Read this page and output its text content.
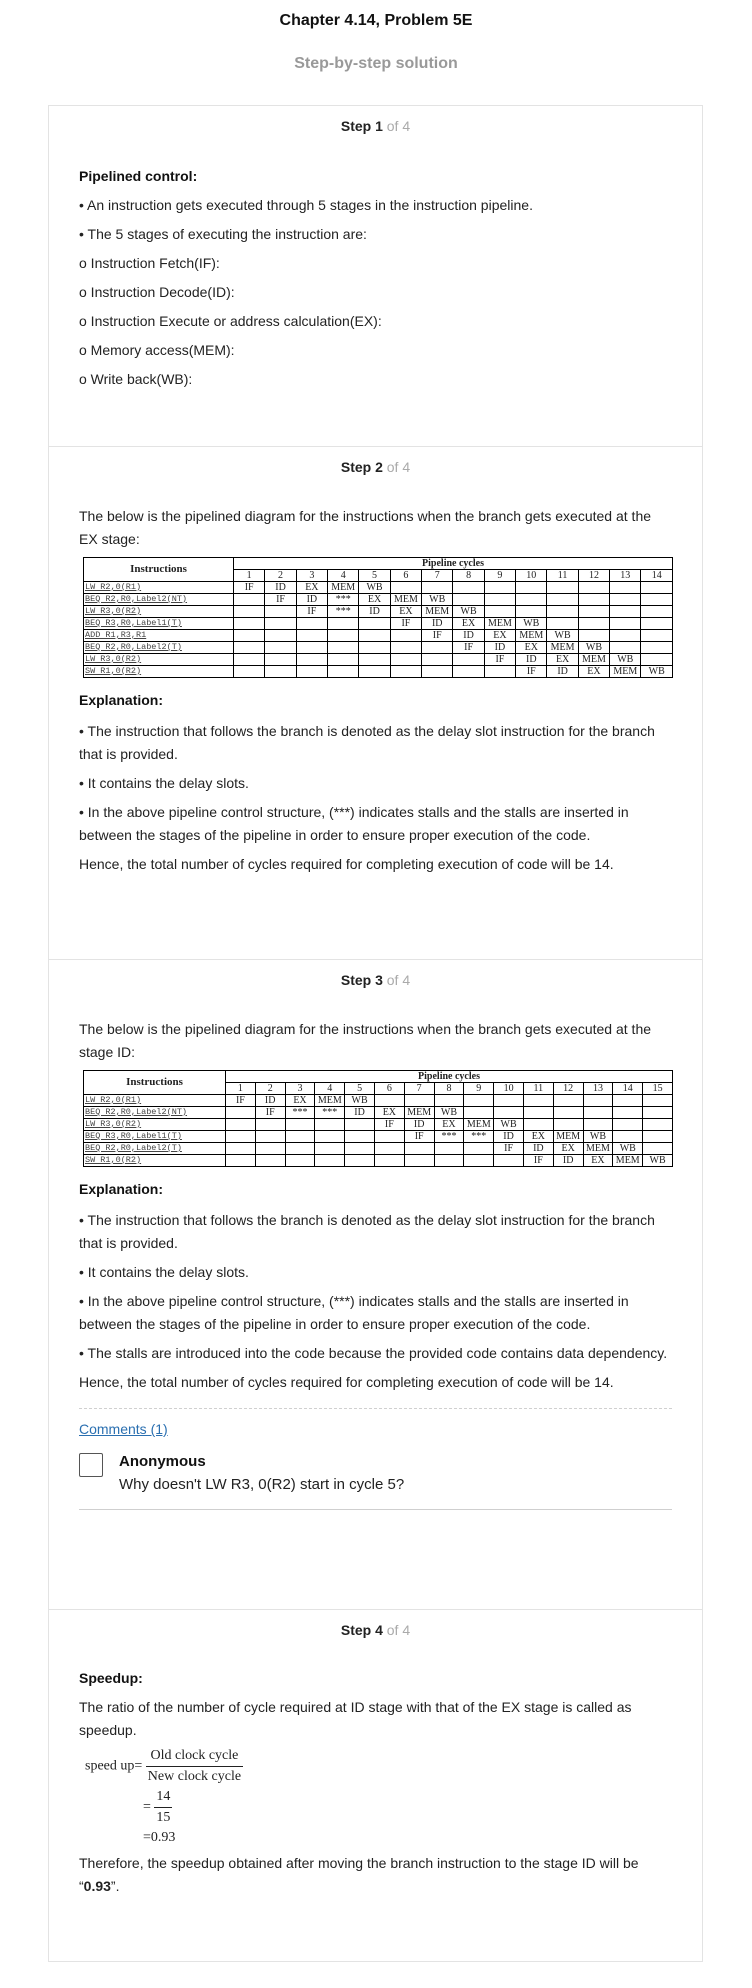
Chapter 4.14, Problem 5E
Step-by-step solution
Step 1 of 4
Pipelined control:
• An instruction gets executed through 5 stages in the instruction pipeline.
• The 5 stages of executing the instruction are:
o Instruction Fetch(IF):
o Instruction Decode(ID):
o Instruction Execute or address calculation(EX):
o Memory access(MEM):
o Write back(WB):
Step 2 of 4
The below is the pipelined diagram for the instructions when the branch gets executed at the EX stage:
Instructions	Pipeline cycles													
	1	2	3	4	5	6	7	8	9	10	11	12	13	14
LW R2,0(R1)	IF	ID	EX	MEM	WB									
BEQ R2,R0,Label2(NT)		IF	ID	***	EX	MEM	WB							
LW R3,0(R2)			IF	***	ID	EX	MEM	WB						
BEQ R3,R0,Label1(T)						IF	ID	EX	MEM	WB				
ADD R1,R3,R1							IF	ID	EX	MEM	WB			
BEQ R2,R0,Label2(T)								IF	ID	EX	MEM	WB		
LW R3,0(R2)									IF	ID	EX	MEM	WB	
SW R1,0(R2)										IF	ID	EX	MEM	WB
Explanation:
• The instruction that follows the branch is denoted as the delay slot instruction for the branch that is provided.
• It contains the delay slots.
• In the above pipeline control structure, (***) indicates stalls and the stalls are inserted in between the stages of the pipeline in order to ensure proper execution of the code.
Hence, the total number of cycles required for completing execution of code will be 14.
Step 3 of 4
The below is the pipelined diagram for the instructions when the branch gets executed at the stage ID:
Instructions	Pipeline cycles														
	1	2	3	4	5	6	7	8	9	10	11	12	13	14	15
LW R2,0(R1)	IF	ID	EX	MEM	WB										
BEQ R2,R0,Label2(NT)		IF	***	***	ID	EX	MEM	WB							
LW R3,0(R2)						IF	ID	EX	MEM	WB					
BEQ R3,R0,Label1(T)							IF	***	***	ID	EX	MEM	WB		
BEQ R2,R0,Label2(T)										IF	ID	EX	MEM	WB	
SW R1,0(R2)											IF	ID	EX	MEM	WB
Explanation:
• The instruction that follows the branch is denoted as the delay slot instruction for the branch that is provided.
• It contains the delay slots.
• In the above pipeline control structure, (***) indicates stalls and the stalls are inserted in between the stages of the pipeline in order to ensure proper execution of the code.
• The stalls are introduced into the code because the provided code contains data dependency.
Hence, the total number of cycles required for completing execution of code will be 14.
Comments (1)
Anonymous
Why doesn't LW R3, 0(R2) start in cycle 5?
Step 4 of 4
Speedup:
The ratio of the number of cycle required at ID stage with that of the EX stage is called as speedup.
speed $up= \frac{\text{Old clock cycle}}{\text{New clock cycle}}$
= $\frac{14}{15}$
=0.93
Therefore, the speedup obtained after moving the branch instruction to the stage ID will be “0.93”.
